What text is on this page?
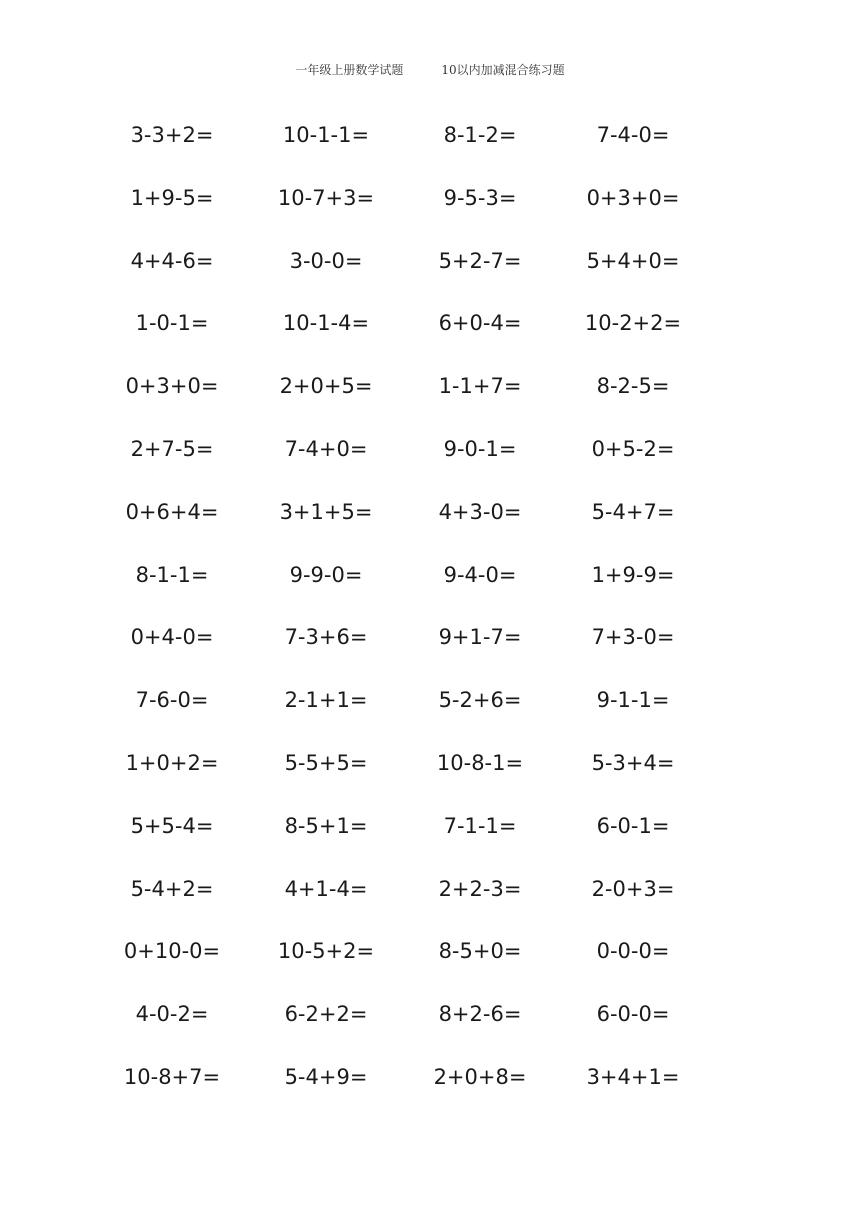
一年级上册数学试题	10以内加减混合练习题
3-3+2=	10-1-1=	8-1-2=	7-4-0=
1+9-5=	10-7+3=	9-5-3=	0+3+0=
4+4-6=	3-0-0=	5+2-7=	5+4+0=
1-0-1=	10-1-4=	6+0-4=	10-2+2=
0+3+0=	2+0+5=	1-1+7=	8-2-5=
2+7-5=	7-4+0=	9-0-1=	0+5-2=
0+6+4=	3+1+5=	4+3-0=	5-4+7=
8-1-1=	9-9-0=	9-4-0=	1+9-9=
0+4-0=	7-3+6=	9+1-7=	7+3-0=
7-6-0=	2-1+1=	5-2+6=	9-1-1=
1+0+2=	5-5+5=	10-8-1=	5-3+4=
5+5-4=	8-5+1=	7-1-1=	6-0-1=
5-4+2=	4+1-4=	2+2-3=	2-0+3=
0+10-0=	10-5+2=	8-5+0=	0-0-0=
4-0-2=	6-2+2=	8+2-6=	6-0-0=
10-8+7=	5-4+9=	2+0+8=	3+4+1=
